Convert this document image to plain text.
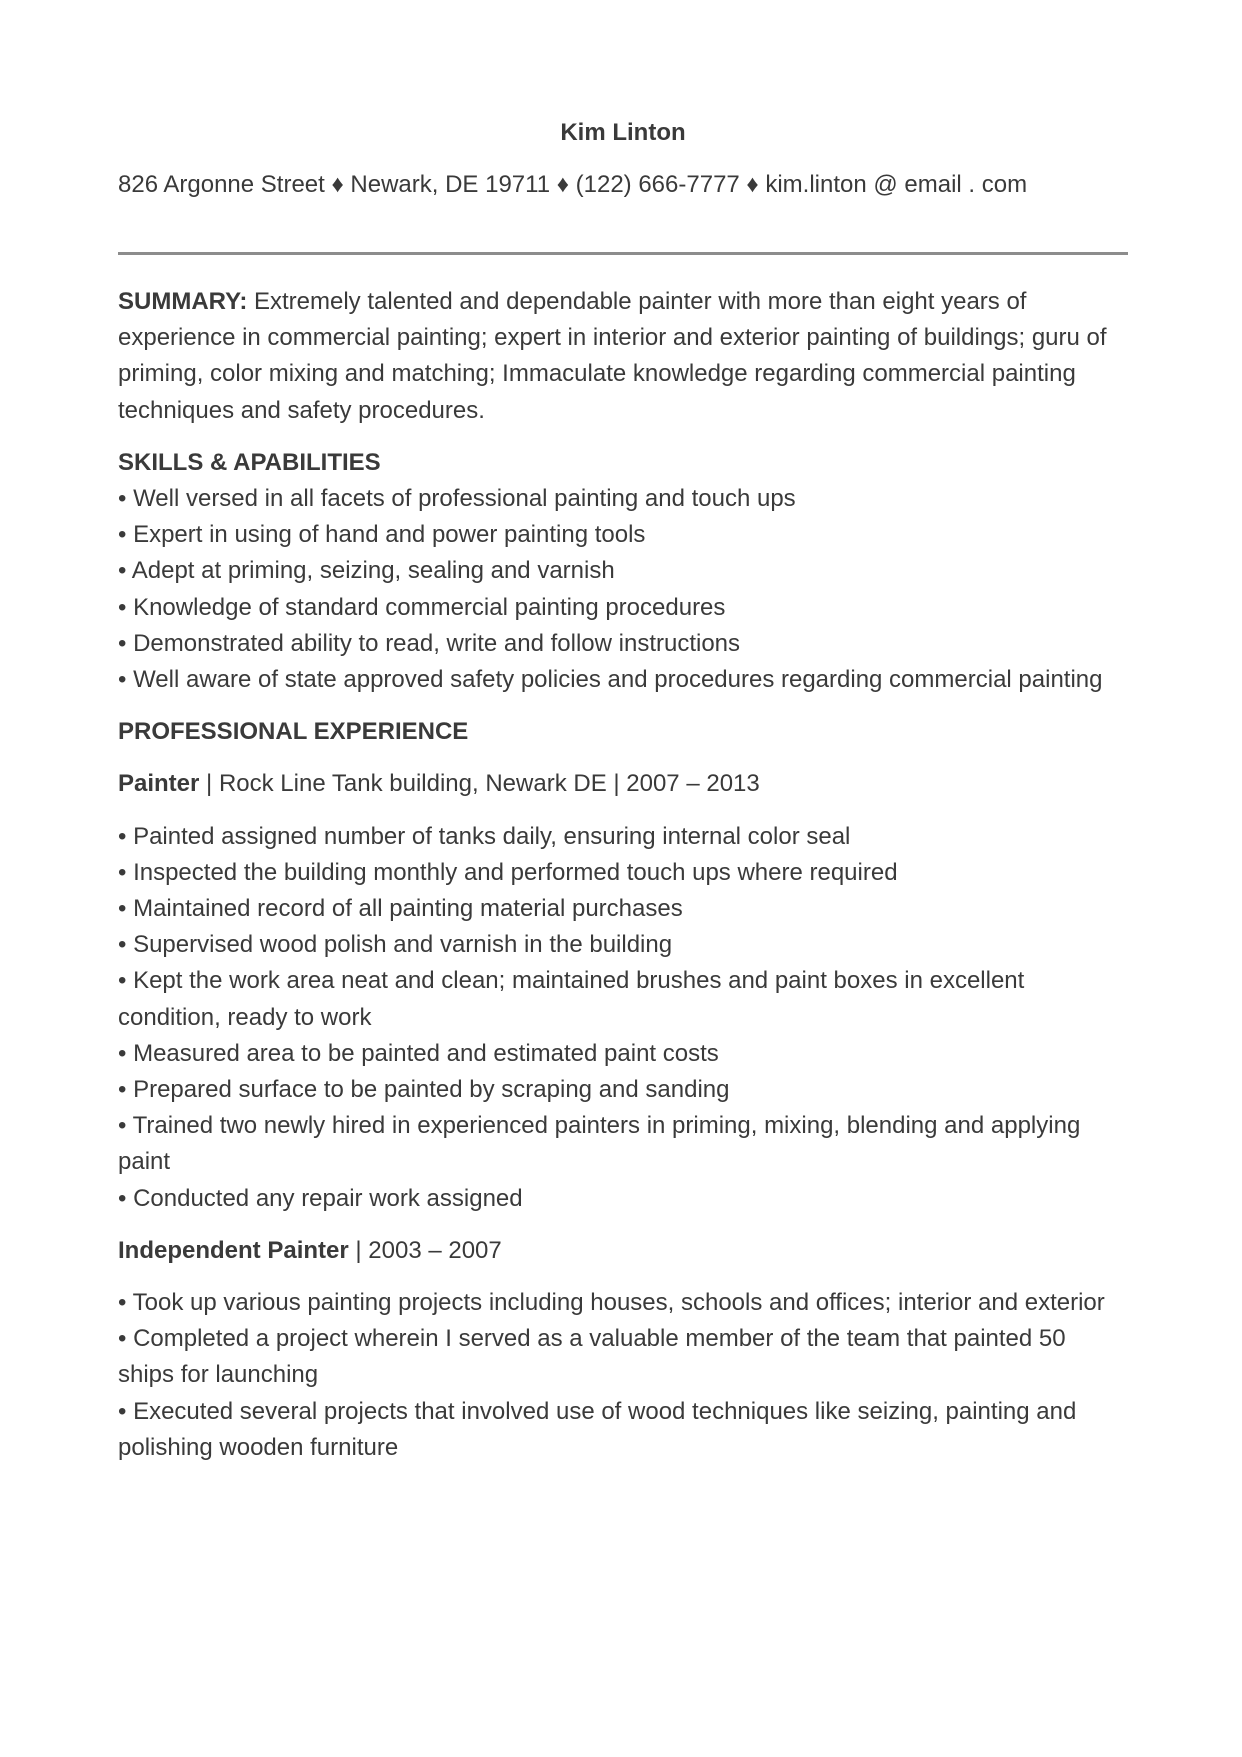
Kim Linton
826 Argonne Street ♦ Newark, DE 19711 ♦ (122) 666-7777 ♦ kim.linton @ email . com

SUMMARY: Extremely talented and dependable painter with more than eight years of experience in commercial painting; expert in interior and exterior painting of buildings; guru of priming, color mixing and matching; Immaculate knowledge regarding commercial painting techniques and safety procedures.

SKILLS & APABILITIES
• Well versed in all facets of professional painting and touch ups
• Expert in using of hand and power painting tools
• Adept at priming, seizing, sealing and varnish
• Knowledge of standard commercial painting procedures
• Demonstrated ability to read, write and follow instructions
• Well aware of state approved safety policies and procedures regarding commercial painting
PROFESSIONAL EXPERIENCE
Painter | Rock Line Tank building, Newark DE | 2007 – 2013
• Painted assigned number of tanks daily, ensuring internal color seal
• Inspected the building monthly and performed touch ups where required
• Maintained record of all painting material purchases
• Supervised wood polish and varnish in the building
• Kept the work area neat and clean; maintained brushes and paint boxes in excellent condition, ready to work
• Measured area to be painted and estimated paint costs
• Prepared surface to be painted by scraping and sanding
• Trained two newly hired in experienced painters in priming, mixing, blending and applying paint
• Conducted any repair work assigned
Independent Painter | 2003 – 2007
• Took up various painting projects including houses, schools and offices; interior and exterior
• Completed a project wherein I served as a valuable member of the team that painted 50 ships for launching
• Executed several projects that involved use of wood techniques like seizing, painting and polishing wooden furniture
